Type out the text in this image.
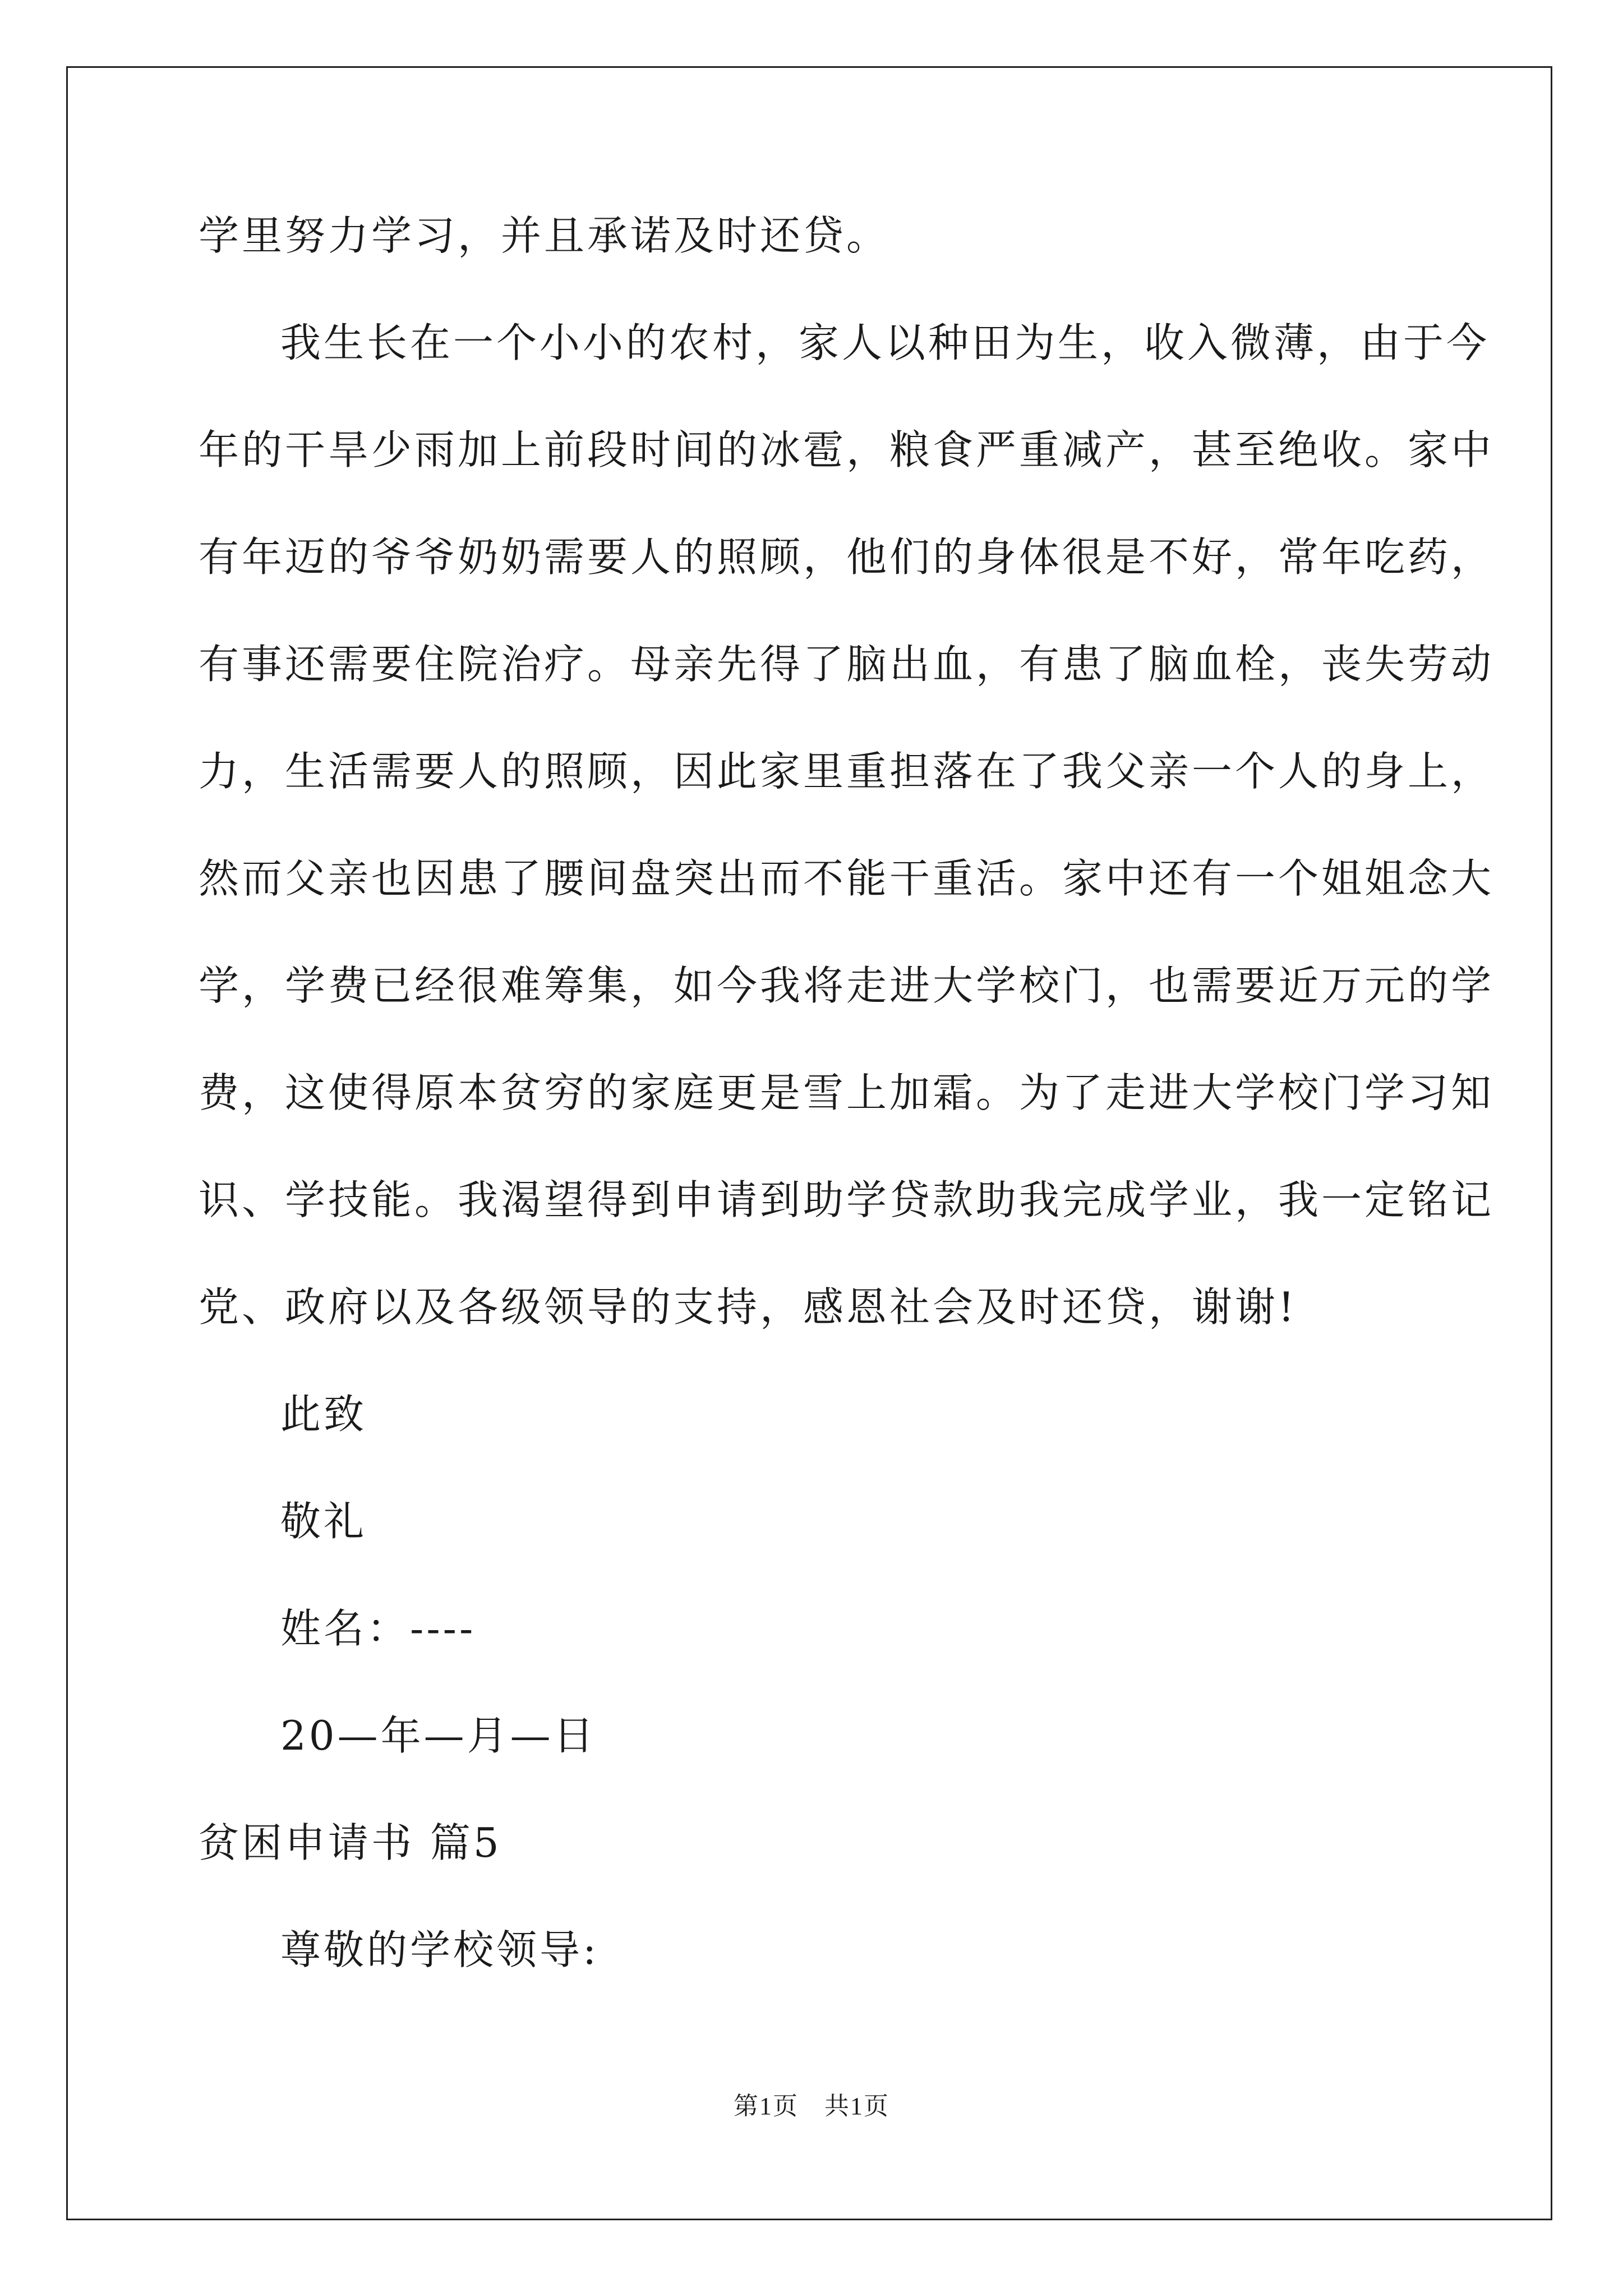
学里努力学习，并且承诺及时还贷。
我生长在一个小小的农村，家人以种田为生，收入微薄，由于今
年的干旱少雨加上前段时间的冰雹，粮食严重减产，甚至绝收。家中
有年迈的爷爷奶奶需要人的照顾，他们的身体很是不好，常年吃药，
有事还需要住院治疗。母亲先得了脑出血，有患了脑血栓，丧失劳动
力，生活需要人的照顾，因此家里重担落在了我父亲一个人的身上，
然而父亲也因患了腰间盘突出而不能干重活。家中还有一个姐姐念大
学，学费已经很难筹集，如今我将走进大学校门，也需要近万元的学
费，这使得原本贫穷的家庭更是雪上加霜。为了走进大学校门学习知
识、学技能。我渴望得到申请到助学贷款助我完成学业，我一定铭记
党、政府以及各级领导的支持，感恩社会及时还贷，谢谢!
此致
敬礼
姓名：----
20—年—月—日
贫困申请书 篇5
尊敬的学校领导:
第1页　共1页
